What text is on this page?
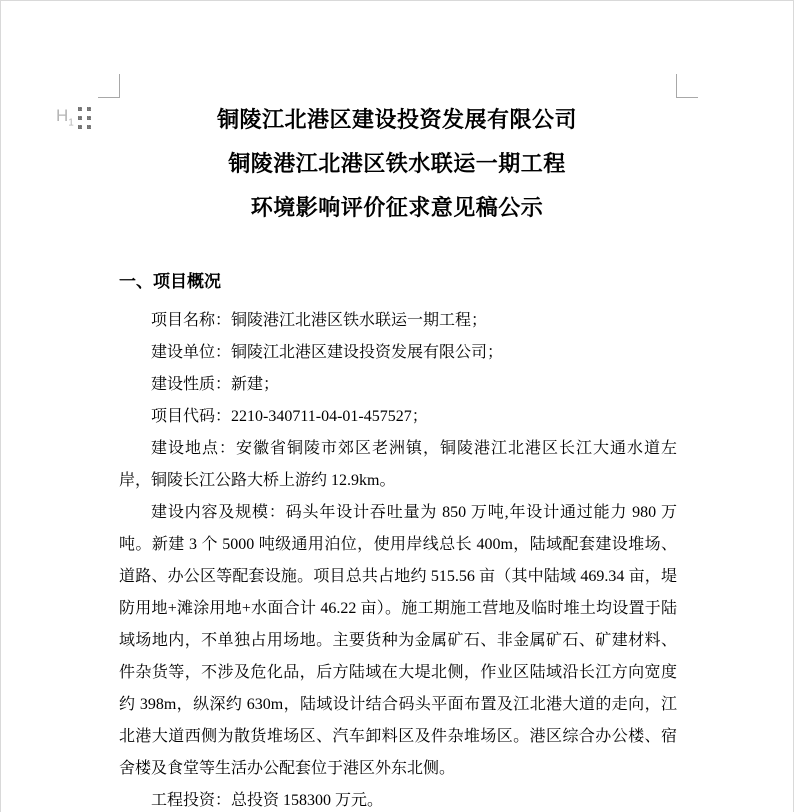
$H_1$	铜陵江北港区建设投资发展有限公司
铜陵港江北港区铁水联运一期工程
环境影响评价征求意见稿公示
一、项目概况

项目名称：铜陵港江北港区铁水联运一期工程；

建设单位：铜陵江北港区建设投资发展有限公司；

建设性质：新建；

项目代码：2210-340711-04-01-457527；

建设地点：安徽省铜陵市郊区老洲镇，铜陵港江北港区长江大通水道左岸，铜陵长江公路大桥上游约 12.9km。

建设内容及规模：码头年设计吞吐量为 850 万吨,年设计通过能力 980 万吨。新建 3 个 5000 吨级通用泊位，使用岸线总长 400m，陆域配套建设堆场、道路、办公区等配套设施。项目总共占地约 515.56 亩（其中陆域 469.34 亩，堤防用地+滩涂用地+水面合计 46.22 亩）。施工期施工营地及临时堆土均设置于陆域场地内，不单独占用场地。主要货种为金属矿石、非金属矿石、矿建材料、件杂货等，不涉及危化品，后方陆域在大堤北侧，作业区陆域沿长江方向宽度约 398m，纵深约 630m，陆域设计结合码头平面布置及江北港大道的走向，江北港大道西侧为散货堆场区、汽车卸料区及件杂堆场区。港区综合办公楼、宿舍楼及食堂等生活办公配套位于港区外东北侧。

工程投资：总投资 158300 万元。
